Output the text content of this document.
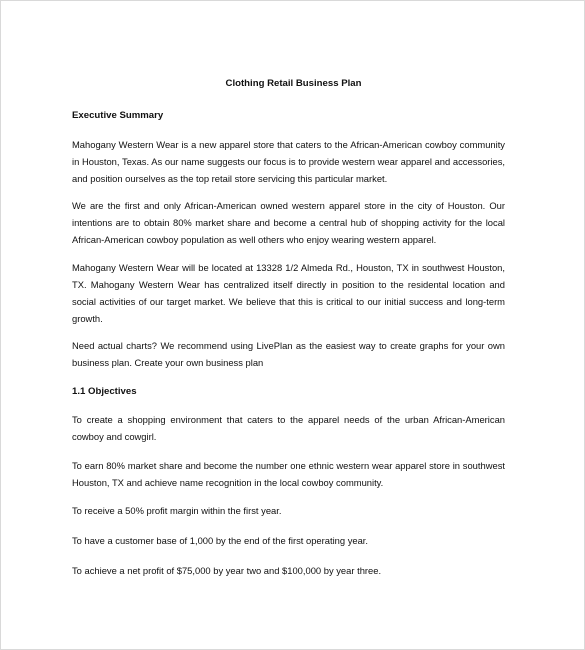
Clothing Retail Business Plan
Executive Summary

Mahogany Western Wear is a new apparel store that caters to the African-American cowboy community in Houston, Texas. As our name suggests our focus is to provide western wear apparel and accessories, and position ourselves as the top retail store servicing this particular market.

We are the first and only African-American owned western apparel store in the city of Houston. Our intentions are to obtain 80% market share and become a central hub of shopping activity for the local African-American cowboy population as well others who enjoy wearing western apparel.

Mahogany Western Wear will be located at 13328 1/2 Almeda Rd., Houston, TX in southwest Houston, TX. Mahogany Western Wear has centralized itself directly in position to the residental location and social activities of our target market. We believe that this is critical to our initial success and long-term growth.

Need actual charts? We recommend using LivePlan as the easiest way to create graphs for your own business plan. Create your own business plan

1.1 Objectives

To create a shopping environment that caters to the apparel needs of the urban African-American cowboy and cowgirl.

To earn 80% market share and become the number one ethnic western wear apparel store in southwest Houston, TX and achieve name recognition in the local cowboy community.

To receive a 50% profit margin within the first year.

To have a customer base of 1,000 by the end of the first operating year.

To achieve a net profit of $75,000 by year two and $100,000 by year three.
